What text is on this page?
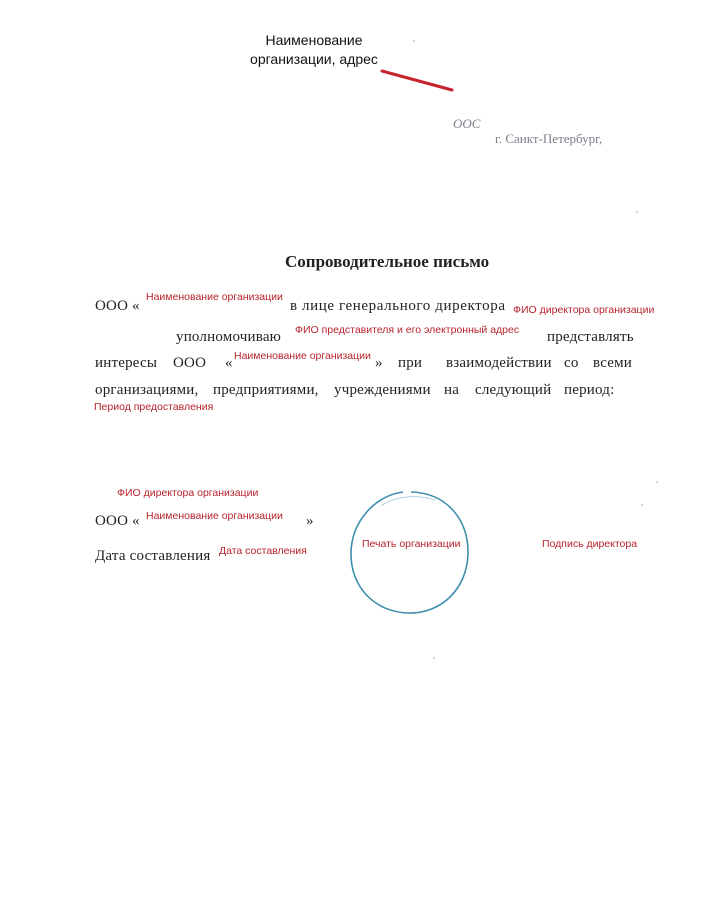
Наименование
организации, адрес
ООС
г. Санкт-Петербург,
Сопроводительное письмо
ООО «
Наименование организации
в лице генерального директора ФИО директора организации
уполномочиваю ФИО представителя и его электронный адрес представлять
интересы ООО « Наименование организации » при взаимодействии со всеми
организациями, предприятиями, учреждениями на следующий период:
Период предоставления
ФИО директора организации
ООО « Наименование организации »
Дата составления Дата составления
Печать организации	Подпись директора
